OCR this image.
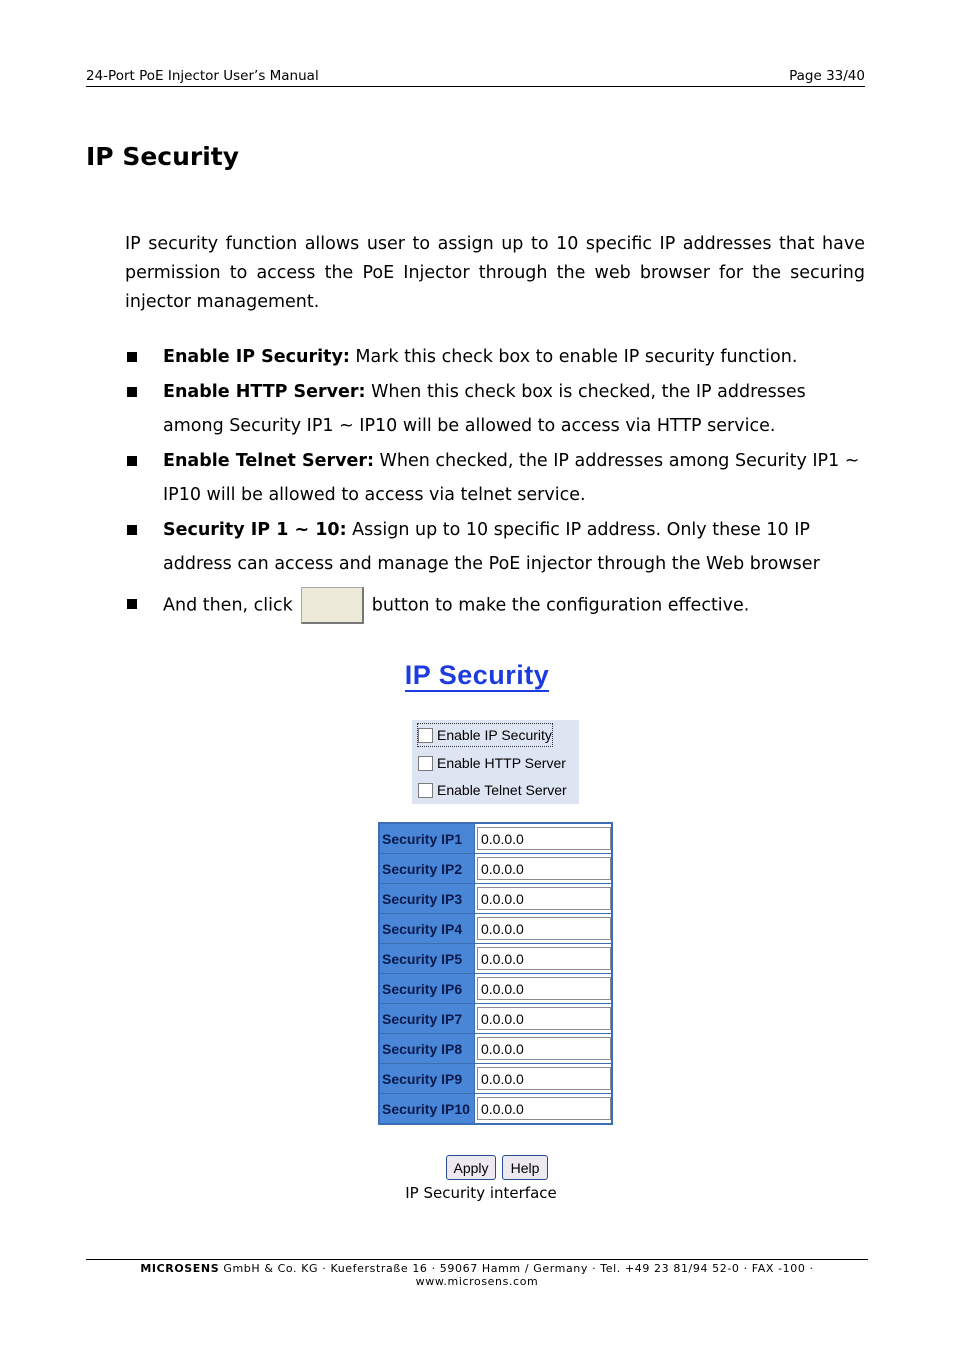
24-Port PoE Injector User’s Manual	Page 33/40
IP Security

IP security function allows user to assign up to 10 specific IP addresses that have permission to access the PoE Injector through the web browser for the securing injector management.

Enable IP Security: Mark this check box to enable IP security function.
Enable HTTP Server: When this check box is checked, the IP addresses among Security IP1 ~ IP10 will be allowed to access via HTTP service.
Enable Telnet Server: When checked, the IP addresses among Security IP1 ~ IP10 will be allowed to access via telnet service.
Security IP 1 ~ 10: Assign up to 10 specific IP address. Only these 10 IP address can access and manage the PoE injector through the Web browser
And then, click	button to make the configuration effective.
IP Security
Enable IP Security
Enable HTTP Server
Enable Telnet Server
Security IP1	0.0.0.0
Security IP2	0.0.0.0
Security IP3	0.0.0.0
Security IP4	0.0.0.0
Security IP5	0.0.0.0
Security IP6	0.0.0.0
Security IP7	0.0.0.0
Security IP8	0.0.0.0
Security IP9	0.0.0.0
Security IP10	0.0.0.0
Apply	Help
IP Security interface
MICROSENS GmbH & Co. KG · Kueferstraße 16 · 59067 Hamm / Germany · Tel. +49 23 81/94 52-0 · FAX -100 · www.microsens.com
